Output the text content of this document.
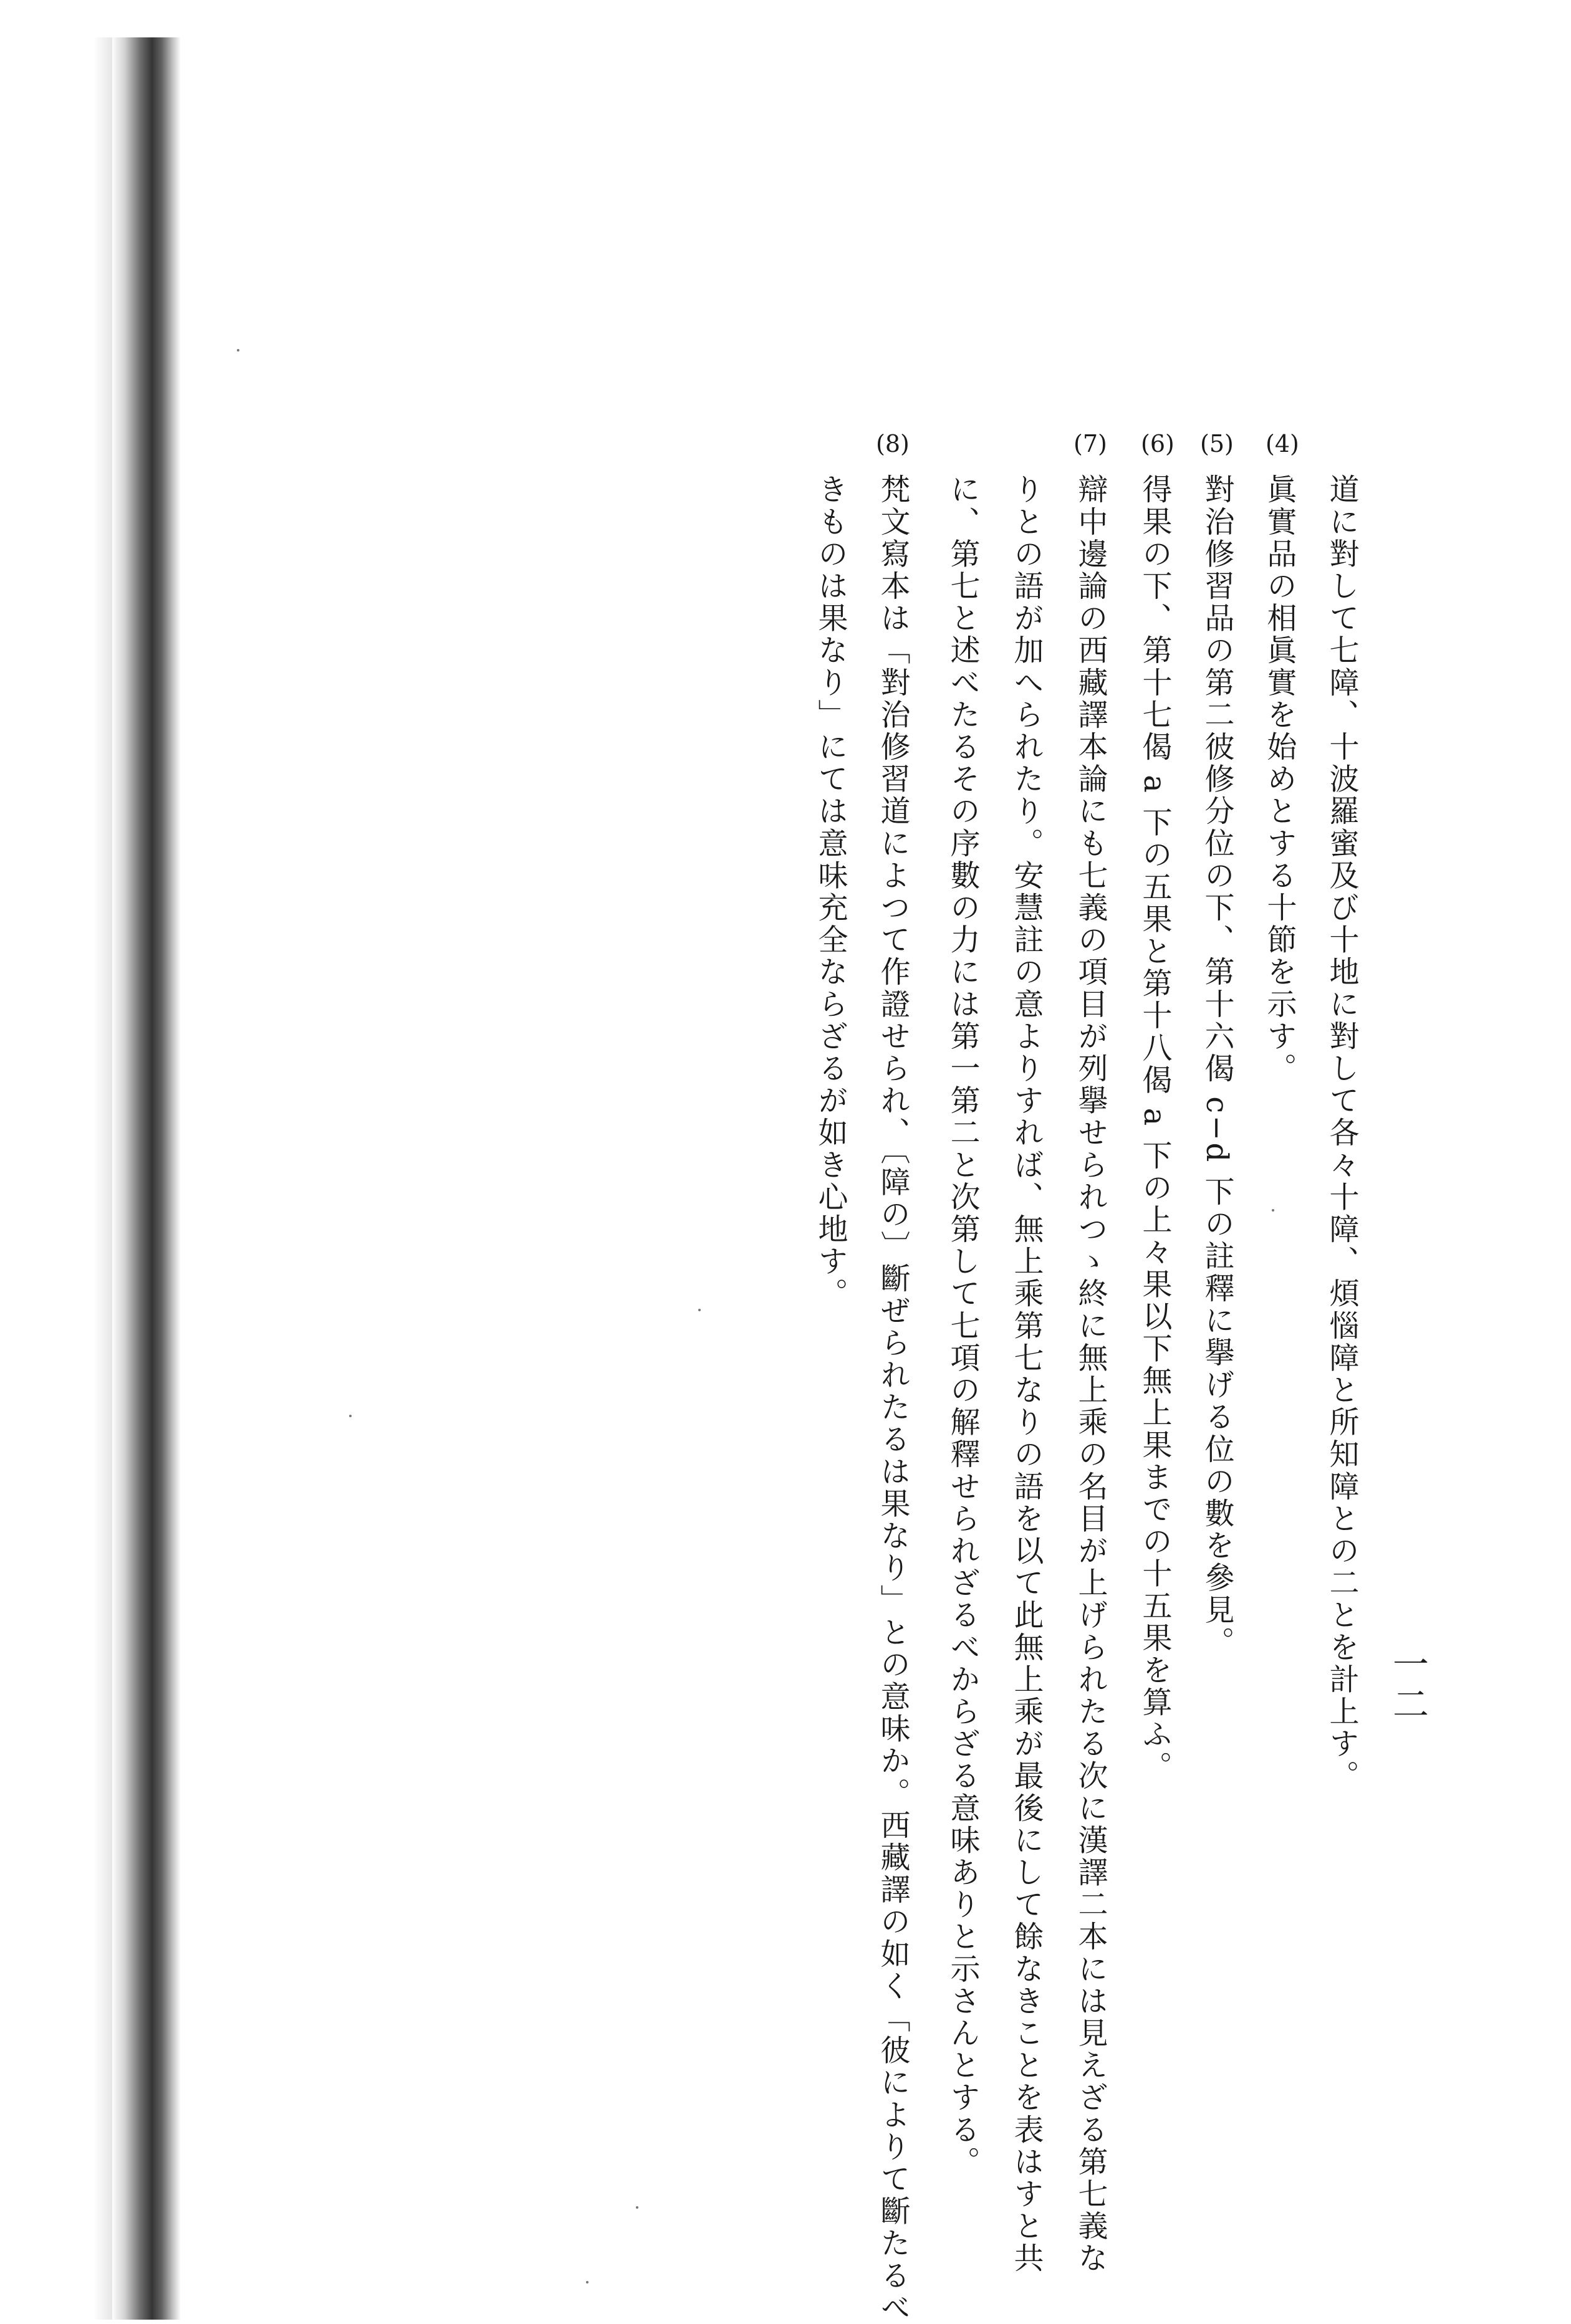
一二
(4)
(5)
(6)
(7)
(8)
道に對して七障、十波羅蜜及び十地に對して各々十障、煩惱障と所知障との二とを計上す。
眞實品の相眞實を始めとする十節を示す。
對治修習品の第二彼修分位の下、第十六偈 c−d 下の註釋に擧げる位の數を參見。
得果の下、第十七偈 a 下の五果と第十八偈 a 下の上々果以下無上果までの十五果を算ふ。
辯中邊論の西藏譯本論にも七義の項目が列擧せられつゝ終に無上乘の名目が上げられたる次に漢譯二本には見えざる第七義な
りとの語が加へられたり。安慧註の意よりすれば、無上乘第七なりの語を以て此無上乘が最後にして餘なきことを表はすと共
に、第七と述べたるその序數の力には第一第二と次第して七項の解釋せられざるべからざる意味ありと示さんとする。
梵文寫本は「對治修習道によつて作證せられ、〔障の〕斷ぜられたるは果なり」との意味か。西藏譯の如く「彼によりて斷たるべ
きものは果なり」にては意味充全ならざるが如き心地す。
